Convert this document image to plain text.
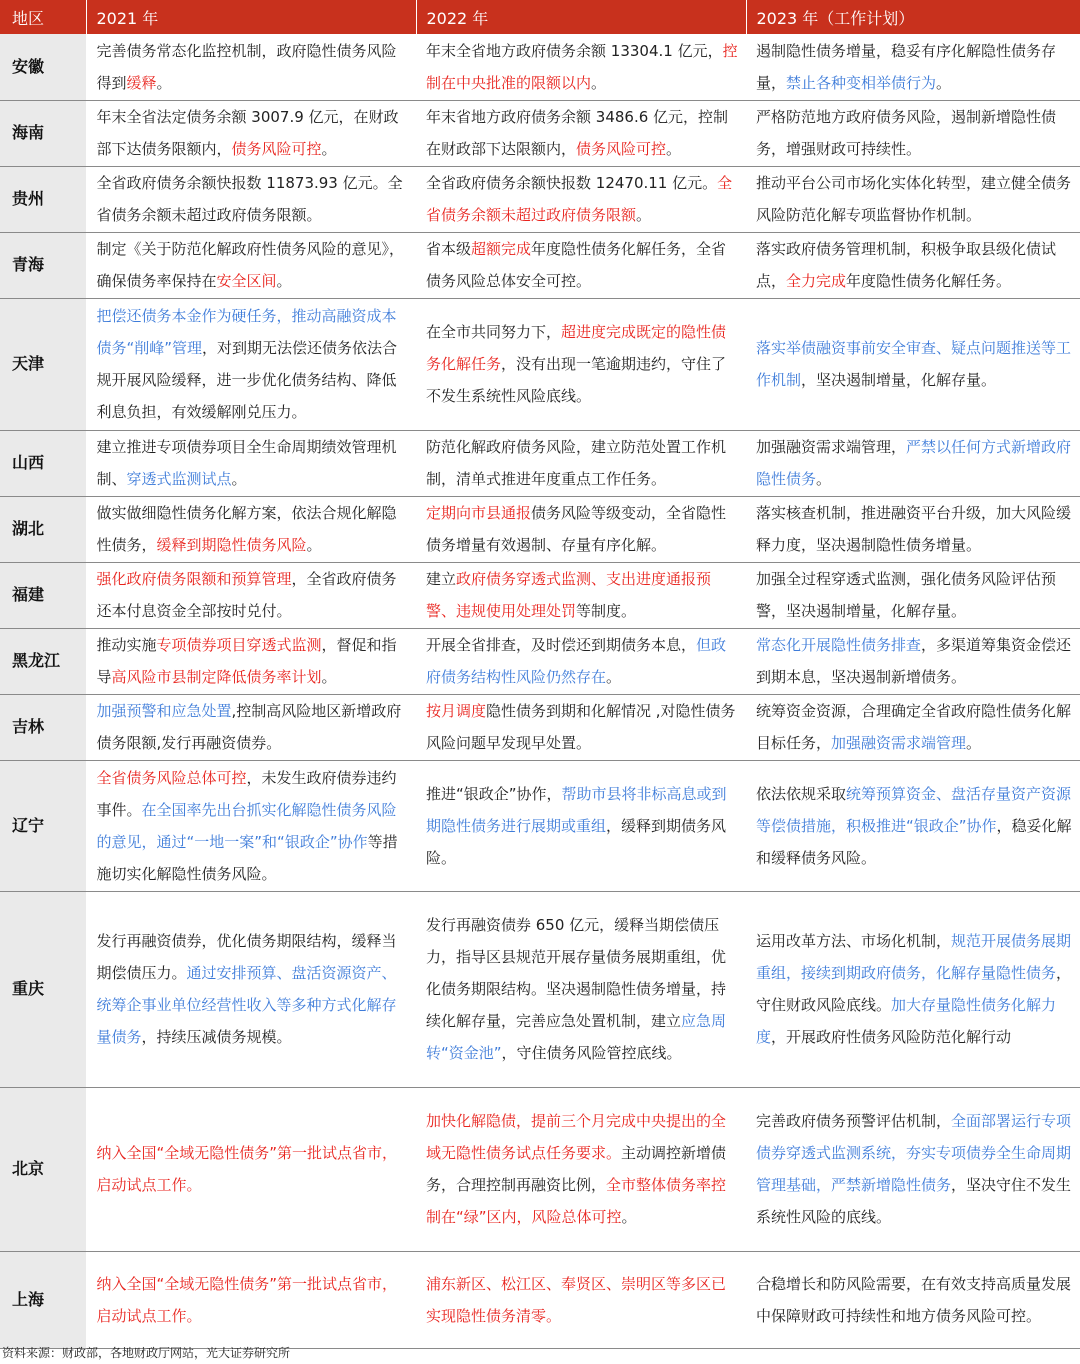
地区	2021 年	2022 年	2023 年（工作计划）
安徽	完善债务常态化监控机制，政府隐性债务风险得到缓释。	年末全省地方政府债务余额 13304.1 亿元，控制在中央批准的限额以内。	遏制隐性债务增量，稳妥有序化解隐性债务存量，禁止各种变相举债行为。
海南	年末全省法定债务余额 3007.9 亿元，在财政部下达债务限额内，债务风险可控。	年末省地方政府债务余额 3486.6 亿元，控制在财政部下达限额内，债务风险可控。	严格防范地方政府债务风险，遏制新增隐性债务，增强财政可持续性。
贵州	全省政府债务余额快报数 11873.93 亿元。全省债务余额未超过政府债务限额。	全省政府债务余额快报数 12470.11 亿元。全省债务余额未超过政府债务限额。	推动平台公司市场化实体化转型，建立健全债务风险防范化解专项监督协作机制。
青海	制定《关于防范化解政府性债务风险的意见》，确保债务率保持在安全区间。	省本级超额完成年度隐性债务化解任务，全省债务风险总体安全可控。	落实政府债务管理机制，积极争取县级化债试点，全力完成年度隐性债务化解任务。
天津	把偿还债务本金作为硬任务，推动高融资成本债务“削峰”管理，对到期无法偿还债务依法合规开展风险缓释，进一步优化债务结构、降低利息负担，有效缓解刚兑压力。	在全市共同努力下，超进度完成既定的隐性债务化解任务，没有出现一笔逾期违约，守住了不发生系统性风险底线。	落实举债融资事前安全审查、疑点问题推送等工作机制，坚决遏制增量，化解存量。
山西	建立推进专项债券项目全生命周期绩效管理机制、穿透式监测试点。	防范化解政府债务风险，建立防范处置工作机制，清单式推进年度重点工作任务。	加强融资需求端管理，严禁以任何方式新增政府隐性债务。
湖北	做实做细隐性债务化解方案，依法合规化解隐性债务，缓释到期隐性债务风险。	定期向市县通报债务风险等级变动，全省隐性债务增量有效遏制、存量有序化解。	落实核查机制，推进融资平台升级，加大风险缓释力度，坚决遏制隐性债务增量。
福建	强化政府债务限额和预算管理，全省政府债务还本付息资金全部按时兑付。	建立政府债务穿透式监测、支出进度通报预警、违规使用处理处罚等制度。	加强全过程穿透式监测，强化债务风险评估预警，坚决遏制增量，化解存量。
黑龙江	推动实施专项债券项目穿透式监测，督促和指导高风险市县制定降低债务率计划。	开展全省排查，及时偿还到期债务本息，但政府债务结构性风险仍然存在。	常态化开展隐性债务排查，多渠道筹集资金偿还到期本息，坚决遏制新增债务。
吉林	加强预警和应急处置,控制高风险地区新增政府债务限额,发行再融资债券。	按月调度隐性债务到期和化解情况 ,对隐性债务风险问题早发现早处置。	统筹资金资源，合理确定全省政府隐性债务化解目标任务，加强融资需求端管理。
辽宁	全省债务风险总体可控，未发生政府债券违约事件。在全国率先出台抓实化解隐性债务风险的意见，通过“一地一案”和“银政企”协作等措施切实化解隐性债务风险。	推进“银政企”协作，帮助市县将非标高息或到期隐性债务进行展期或重组，缓释到期债务风险。	依法依规采取统筹预算资金、盘活存量资产资源等偿债措施，积极推进“银政企”协作，稳妥化解和缓释债务风险。
重庆	发行再融资债券，优化债务期限结构，缓释当期偿债压力。通过安排预算、盘活资源资产、统筹企事业单位经营性收入等多种方式化解存量债务，持续压减债务规模。	发行再融资债券 650 亿元，缓释当期偿债压力，指导区县规范开展存量债务展期重组，优化债务期限结构。坚决遏制隐性债务增量，持续化解存量，完善应急处置机制，建立应急周转“资金池”，守住债务风险管控底线。	运用改革方法、市场化机制，规范开展债务展期重组，接续到期政府债务，化解存量隐性债务，守住财政风险底线。加大存量隐性债务化解力度，开展政府性债务风险防范化解行动
北京	纳入全国“全域无隐性债务”第一批试点省市，启动试点工作。	加快化解隐债，提前三个月完成中央提出的全域无隐性债务试点任务要求。主动调控新增债务，合理控制再融资比例，全市整体债务率控制在“绿”区内，风险总体可控。	完善政府债务预警评估机制，全面部署运行专项债券穿透式监测系统，夯实专项债券全生命周期管理基础，严禁新增隐性债务，坚决守住不发生系统性风险的底线。
上海	纳入全国“全域无隐性债务”第一批试点省市，启动试点工作。	浦东新区、松江区、奉贤区、崇明区等多区已实现隐性债务清零。	合稳增长和防风险需要，在有效支持高质量发展中保障财政可持续性和地方债务风险可控。
资料来源：财政部，各地财政厅网站，光大证券研究所
